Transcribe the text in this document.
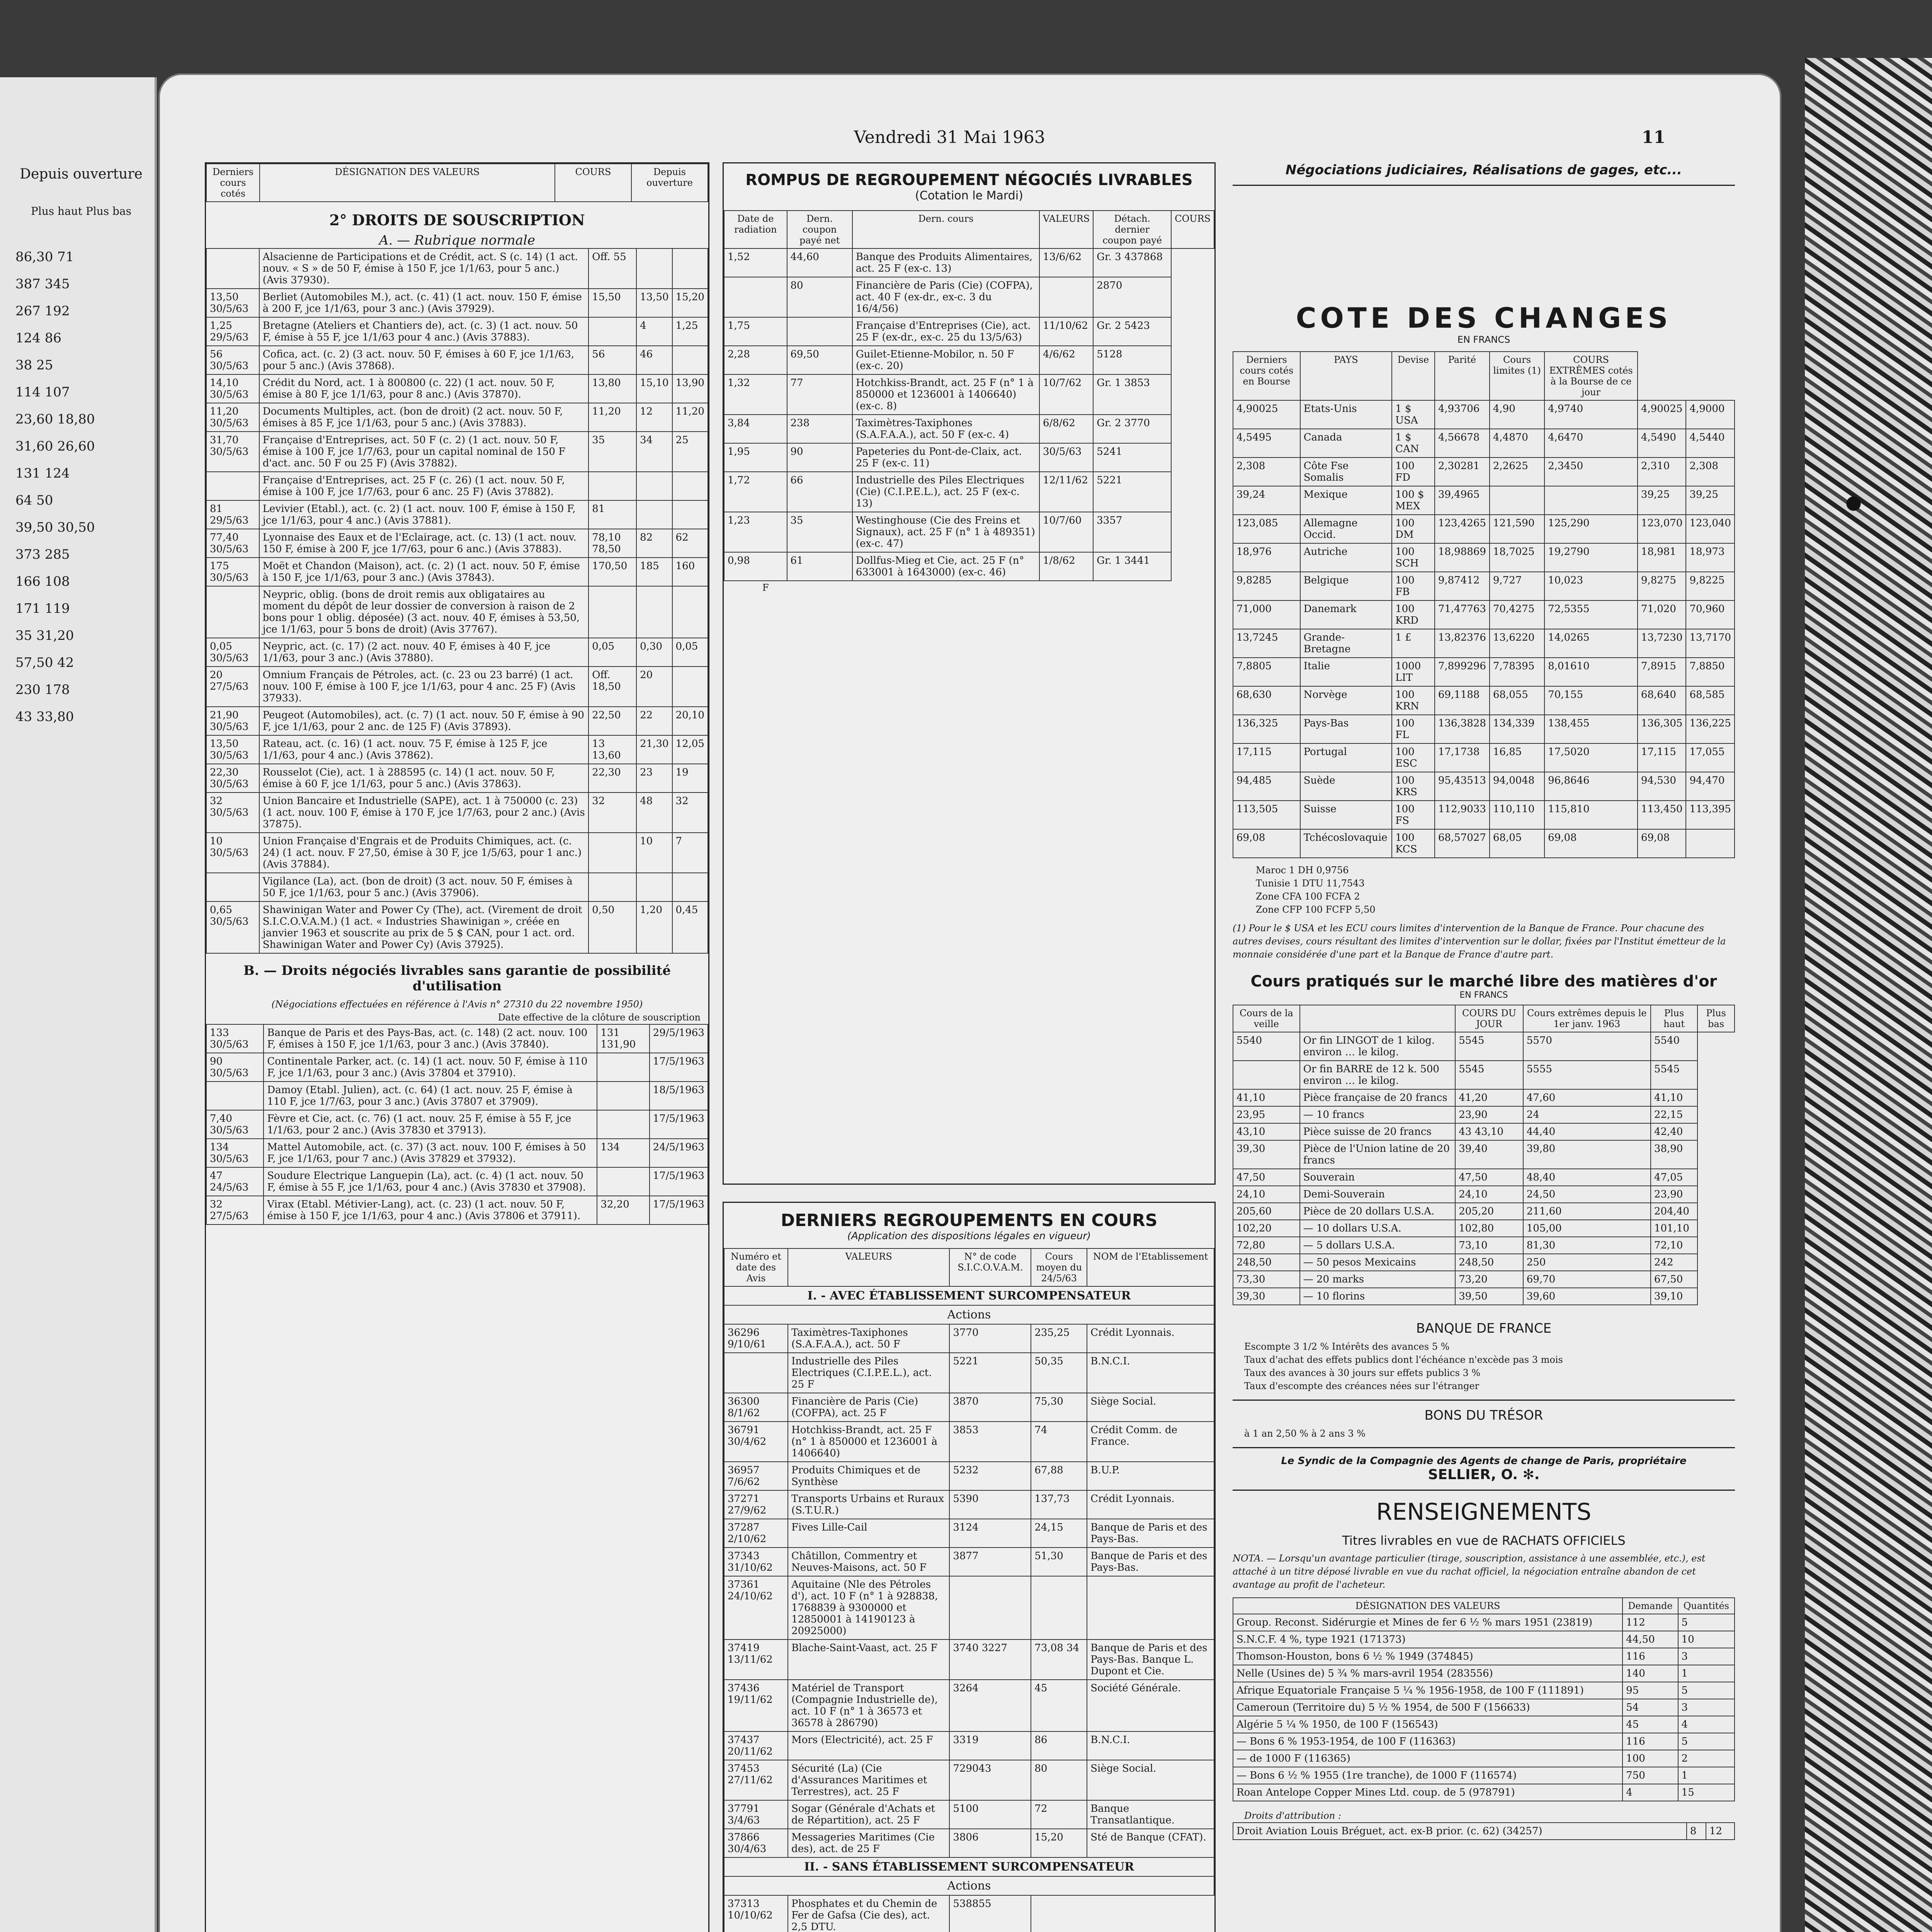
Depuis ouverture
Plus haut Plus bas
86,30 71
387 345
267 192
124 86
38 25
114 107
23,60 18,80
31,60 26,60
131 124
64 50
39,50 30,50
373 285
166 108
171 119
35 31,20
57,50 42
230 178
43 33,80
Vendredi 31 Mai 1963	11
Derniers cours cotés	DÉSIGNATION DES VALEURS	COURS	Depuis ouverture
2° DROITS DE SOUSCRIPTION
A. — Rubrique normale
	Alsacienne de Participations et de Crédit, act. S (c. 14) (1 act. nouv. « S » de 50 F, émise à 150 F, jce 1/1/63, pour 5 anc.) (Avis 37930).	Off. 55		
13,50 30/5/63	Berliet (Automobiles M.), act. (c. 41) (1 act. nouv. 150 F, émise à 200 F, jce 1/1/63, pour 3 anc.) (Avis 37929).	15,50	13,50	15,20
1,25 29/5/63	Bretagne (Ateliers et Chantiers de), act. (c. 3) (1 act. nouv. 50 F, émise à 55 F, jce 1/1/63 pour 4 anc.) (Avis 37883).		4	1,25
56 30/5/63	Cofica, act. (c. 2) (3 act. nouv. 50 F, émises à 60 F, jce 1/1/63, pour 5 anc.) (Avis 37868).	56	46	
14,10 30/5/63	Crédit du Nord, act. 1 à 800800 (c. 22) (1 act. nouv. 50 F, émise à 80 F, jce 1/1/63, pour 8 anc.) (Avis 37870).	13,80	15,10	13,90
11,20 30/5/63	Documents Multiples, act. (bon de droit) (2 act. nouv. 50 F, émises à 85 F, jce 1/1/63, pour 5 anc.) (Avis 37883).	11,20	12	11,20
31,70 30/5/63	Française d'Entreprises, act. 50 F (c. 2) (1 act. nouv. 50 F, émise à 100 F, jce 1/7/63, pour un capital nominal de 150 F d'act. anc. 50 F ou 25 F) (Avis 37882).	35	34	25
	Française d'Entreprises, act. 25 F (c. 26) (1 act. nouv. 50 F, émise à 100 F, jce 1/7/63, pour 6 anc. 25 F) (Avis 37882).			
81 29/5/63	Levivier (Etabl.), act. (c. 2) (1 act. nouv. 100 F, émise à 150 F, jce 1/1/63, pour 4 anc.) (Avis 37881).	81		
77,40 30/5/63	Lyonnaise des Eaux et de l'Eclairage, act. (c. 13) (1 act. nouv. 150 F, émise à 200 F, jce 1/7/63, pour 6 anc.) (Avis 37883).	78,10 78,50	82	62
175 30/5/63	Moët et Chandon (Maison), act. (c. 2) (1 act. nouv. 50 F, émise à 150 F, jce 1/1/63, pour 3 anc.) (Avis 37843).	170,50	185	160
	Neypric, oblig. (bons de droit remis aux obligataires au moment du dépôt de leur dossier de conversion à raison de 2 bons pour 1 oblig. déposée) (3 act. nouv. 40 F, émises à 53,50, jce 1/1/63, pour 5 bons de droit) (Avis 37767).			
0,05 30/5/63	Neypric, act. (c. 17) (2 act. nouv. 40 F, émises à 40 F, jce 1/1/63, pour 3 anc.) (Avis 37880).	0,05	0,30	0,05
20 27/5/63	Omnium Français de Pétroles, act. (c. 23 ou 23 barré) (1 act. nouv. 100 F, émise à 100 F, jce 1/1/63, pour 4 anc. 25 F) (Avis 37933).	Off. 18,50	20	
21,90 30/5/63	Peugeot (Automobiles), act. (c. 7) (1 act. nouv. 50 F, émise à 90 F, jce 1/1/63, pour 2 anc. de 125 F) (Avis 37893).	22,50	22	20,10
13,50 30/5/63	Rateau, act. (c. 16) (1 act. nouv. 75 F, émise à 125 F, jce 1/1/63, pour 4 anc.) (Avis 37862).	13 13,60	21,30	12,05
22,30 30/5/63	Rousselot (Cie), act. 1 à 288595 (c. 14) (1 act. nouv. 50 F, émise à 60 F, jce 1/1/63, pour 5 anc.) (Avis 37863).	22,30	23	19
32 30/5/63	Union Bancaire et Industrielle (SAPE), act. 1 à 750000 (c. 23) (1 act. nouv. 100 F, émise à 170 F, jce 1/7/63, pour 2 anc.) (Avis 37875).	32	48	32
10 30/5/63	Union Française d'Engrais et de Produits Chimiques, act. (c. 24) (1 act. nouv. F 27,50, émise à 30 F, jce 1/5/63, pour 1 anc.) (Avis 37884).		10	7
	Vigilance (La), act. (bon de droit) (3 act. nouv. 50 F, émises à 50 F, jce 1/1/63, pour 5 anc.) (Avis 37906).			
0,65 30/5/63	Shawinigan Water and Power Cy (The), act. (Virement de droit S.I.C.O.V.A.M.) (1 act. « Industries Shawinigan », créée en janvier 1963 et souscrite au prix de 5 $ CAN, pour 1 act. ord. Shawinigan Water and Power Cy) (Avis 37925).	0,50	1,20	0,45
B. — Droits négociés livrables sans garantie de possibilité d'utilisation
(Négociations effectuées en référence à l'Avis n° 27310 du 22 novembre 1950)
Date effective de la clôture de souscription
133 30/5/63	Banque de Paris et des Pays-Bas, act. (c. 148) (2 act. nouv. 100 F, émises à 150 F, jce 1/1/63, pour 3 anc.) (Avis 37840).	131 131,90	29/5/1963
90 30/5/63	Continentale Parker, act. (c. 14) (1 act. nouv. 50 F, émise à 110 F, jce 1/1/63, pour 3 anc.) (Avis 37804 et 37910).		17/5/1963
	Damoy (Etabl. Julien), act. (c. 64) (1 act. nouv. 25 F, émise à 110 F, jce 1/7/63, pour 3 anc.) (Avis 37807 et 37909).		18/5/1963
7,40 30/5/63	Fèvre et Cie, act. (c. 76) (1 act. nouv. 25 F, émise à 55 F, jce 1/1/63, pour 2 anc.) (Avis 37830 et 37913).		17/5/1963
134 30/5/63	Mattel Automobile, act. (c. 37) (3 act. nouv. 100 F, émises à 50 F, jce 1/1/63, pour 7 anc.) (Avis 37829 et 37932).	134	24/5/1963
47 24/5/63	Soudure Electrique Languepin (La), act. (c. 4) (1 act. nouv. 50 F, émise à 55 F, jce 1/1/63, pour 4 anc.) (Avis 37830 et 37908).		17/5/1963
32 27/5/63	Virax (Etabl. Métivier-Lang), act. (c. 23) (1 act. nouv. 50 F, émise à 150 F, jce 1/1/63, pour 4 anc.) (Avis 37806 et 37911).	32,20	17/5/1963
ROMPUS DE REGROUPEMENT NÉGOCIÉS LIVRABLES
(Cotation le Mardi)
Date de radiation	Dern. coupon payé net	Dern. cours	VALEURS	Détach. dernier coupon payé	COURS
1,52	44,60	Banque des Produits Alimentaires, act. 25 F (ex-c. 13)	13/6/62	Gr. 3 437868	
	80	Financière de Paris (Cie) (COFPA), act. 40 F (ex-dr., ex-c. 3 du 16/4/56)		2870	
1,75		Française d'Entreprises (Cie), act. 25 F (ex-dr., ex-c. 25 du 13/5/63)	11/10/62	Gr. 2 5423	
2,28	69,50	Guilet-Etienne-Mobilor, n. 50 F (ex-c. 20)	4/6/62	5128	
1,32	77	Hotchkiss-Brandt, act. 25 F (n° 1 à 850000 et 1236001 à 1406640) (ex-c. 8)	10/7/62	Gr. 1 3853	
3,84	238	Taximètres-Taxiphones (S.A.F.A.A.), act. 50 F (ex-c. 4)	6/8/62	Gr. 2 3770	
1,95	90	Papeteries du Pont-de-Claix, act. 25 F (ex-c. 11)	30/5/63	5241	
1,72	66	Industrielle des Piles Electriques (Cie) (C.I.P.E.L.), act. 25 F (ex-c. 13)	12/11/62	5221	
1,23	35	Westinghouse (Cie des Freins et Signaux), act. 25 F (n° 1 à 489351) (ex-c. 47)	10/7/60	3357	
0,98	61	Dollfus-Mieg et Cie, act. 25 F (n° 633001 à 1643000) (ex-c. 46)	1/8/62	Gr. 1 3441	
F
DERNIERS REGROUPEMENTS EN COURS
(Application des dispositions légales en vigueur)
Numéro et date des Avis	VALEURS	N° de code S.I.C.O.V.A.M.	Cours moyen du 24/5/63	NOM de l'Etablissement
I. - AVEC ÉTABLISSEMENT SURCOMPENSATEUR				
Actions				
36296 9/10/61	Taximètres-Taxiphones (S.A.F.A.A.), act. 50 F	3770	235,25	Crédit Lyonnais.
	Industrielle des Piles Electriques (C.I.P.E.L.), act. 25 F	5221	50,35	B.N.C.I.
36300 8/1/62	Financière de Paris (Cie) (COFPA), act. 25 F	3870	75,30	Siège Social.
36791 30/4/62	Hotchkiss-Brandt, act. 25 F (n° 1 à 850000 et 1236001 à 1406640)	3853	74	Crédit Comm. de France.
36957 7/6/62	Produits Chimiques et de Synthèse	5232	67,88	B.U.P.
37271 27/9/62	Transports Urbains et Ruraux (S.T.U.R.)	5390	137,73	Crédit Lyonnais.
37287 2/10/62	Fives Lille-Cail	3124	24,15	Banque de Paris et des Pays-Bas.
37343 31/10/62	Châtillon, Commentry et Neuves-Maisons, act. 50 F	3877	51,30	Banque de Paris et des Pays-Bas.
37361 24/10/62	Aquitaine (Nle des Pétroles d'), act. 10 F (n° 1 à 928838, 1768839 à 9300000 et 12850001 à 14190123 à 20925000)			
37419 13/11/62	Blache-Saint-Vaast, act. 25 F	3740 3227	73,08 34	Banque de Paris et des Pays-Bas. Banque L. Dupont et Cie.
37436 19/11/62	Matériel de Transport (Compagnie Industrielle de), act. 10 F (n° 1 à 36573 et 36578 à 286790)	3264	45	Société Générale.
37437 20/11/62	Mors (Electricité), act. 25 F	3319	86	B.N.C.I.
37453 27/11/62	Sécurité (La) (Cie d'Assurances Maritimes et Terrestres), act. 25 F	729043	80	Siège Social.
37791 3/4/63	Sogar (Générale d'Achats et de Répartition), act. 25 F	5100	72	Banque Transatlantique.
37866 30/4/63	Messageries Maritimes (Cie des), act. de 25 F	3806	15,20	Sté de Banque (CFAT).
II. - SANS ÉTABLISSEMENT SURCOMPENSATEUR				
Actions				
37313 10/10/62	Phosphates et du Chemin de Fer de Gafsa (Cie des), act. 2,5 DTU.	538855		

Négociations judiciaires, Réalisations de gages, etc...
COTE DES CHANGES
EN FRANCS
Derniers cours cotés en Bourse	PAYS	Devise	Parité	Cours limites (1)	COURS EXTRÊMES cotés à la Bourse de ce jour		
4,90025	Etats-Unis	1 $ USA	4,93706	4,90	4,9740	4,90025	4,9000
4,5495	Canada	1 $ CAN	4,56678	4,4870	4,6470	4,5490	4,5440
2,308	Côte Fse Somalis	100 FD	2,30281	2,2625	2,3450	2,310	2,308
39,24	Mexique	100 $ MEX	39,4965			39,25	39,25
123,085	Allemagne Occid.	100 DM	123,4265	121,590	125,290	123,070	123,040
18,976	Autriche	100 SCH	18,98869	18,7025	19,2790	18,981	18,973
9,8285	Belgique	100 FB	9,87412	9,727	10,023	9,8275	9,8225
71,000	Danemark	100 KRD	71,47763	70,4275	72,5355	71,020	70,960
13,7245	Grande-Bretagne	1 £	13,82376	13,6220	14,0265	13,7230	13,7170
7,8805	Italie	1000 LIT	7,899296	7,78395	8,01610	7,8915	7,8850
68,630	Norvège	100 KRN	69,1188	68,055	70,155	68,640	68,585
136,325	Pays-Bas	100 FL	136,3828	134,339	138,455	136,305	136,225
17,115	Portugal	100 ESC	17,1738	16,85	17,5020	17,115	17,055
94,485	Suède	100 KRS	95,43513	94,0048	96,8646	94,530	94,470
113,505	Suisse	100 FS	112,9033	110,110	115,810	113,450	113,395
69,08	Tchécoslovaquie	100 KCS	68,57027	68,05	69,08	69,08	
Maroc 1 DH 0,9756
Tunisie 1 DTU 11,7543
Zone CFA 100 FCFA 2
Zone CFP 100 FCFP 5,50
(1) Pour le $ USA et les ECU cours limites d'intervention de la Banque de France. Pour chacune des autres devises, cours résultant des limites d'intervention sur le dollar, fixées par l'Institut émetteur de la monnaie considérée d'une part et la Banque de France d'autre part.
Cours pratiqués sur le marché libre des matières d'or
EN FRANCS
Cours de la veille		COURS DU JOUR	Cours extrêmes depuis le 1er janv. 1963	Plus haut	Plus bas
5540	Or fin LINGOT de 1 kilog. environ … le kilog.	5545	5570	5540	
	Or fin BARRE de 12 k. 500 environ … le kilog.	5545	5555	5545	
41,10	Pièce française de 20 francs	41,20	47,60	41,10	
23,95	— 10 francs	23,90	24	22,15	
43,10	Pièce suisse de 20 francs	43 43,10	44,40	42,40	
39,30	Pièce de l'Union latine de 20 francs	39,40	39,80	38,90	
47,50	Souverain	47,50	48,40	47,05	
24,10	Demi-Souverain	24,10	24,50	23,90	
205,60	Pièce de 20 dollars U.S.A.	205,20	211,60	204,40	
102,20	— 10 dollars U.S.A.	102,80	105,00	101,10	
72,80	— 5 dollars U.S.A.	73,10	81,30	72,10	
248,50	— 50 pesos Mexicains	248,50	250	242	
73,30	— 20 marks	73,20	69,70	67,50	
39,30	— 10 florins	39,50	39,60	39,10	
BANQUE DE FRANCE
Escompte 3 1/2 % Intérêts des avances 5 %
Taux d'achat des effets publics dont l'échéance n'excède pas 3 mois
Taux des avances à 30 jours sur effets publics 3 %
Taux d'escompte des créances nées sur l'étranger
BONS DU TRÉSOR
à 1 an 2,50 % à 2 ans 3 %
Le Syndic de la Compagnie des Agents de change de Paris, propriétaire
SELLIER, O. ✻.
RENSEIGNEMENTS
Titres livrables en vue de RACHATS OFFICIELS
NOTA. — Lorsqu'un avantage particulier (tirage, souscription, assistance à une assemblée, etc.), est attaché à un titre déposé livrable en vue du rachat officiel, la négociation entraîne abandon de cet avantage au profit de l'acheteur.
DÉSIGNATION DES VALEURS	Demande	Quantités
Group. Reconst. Sidérurgie et Mines de fer 6 ½ % mars 1951 (23819)	112	5
S.N.C.F. 4 %, type 1921 (171373)	44,50	10
Thomson-Houston, bons 6 ½ % 1949 (374845)	116	3
Nelle (Usines de) 5 ¾ % mars-avril 1954 (283556)	140	1
Afrique Equatoriale Française 5 ¼ % 1956-1958, de 100 F (111891)	95	5
Cameroun (Territoire du) 5 ½ % 1954, de 500 F (156633)	54	3
Algérie 5 ¼ % 1950, de 100 F (156543)	45	4
— Bons 6 % 1953-1954, de 100 F (116363)	116	5
— de 1000 F (116365)	100	2
— Bons 6 ½ % 1955 (1re tranche), de 1000 F (116574)	750	1
Roan Antelope Copper Mines Ltd. coup. de 5 (978791)	4	15
Droits d'attribution :
Droit Aviation Louis Bréguet, act. ex-B prior. (c. 62) (34257)	8	12
